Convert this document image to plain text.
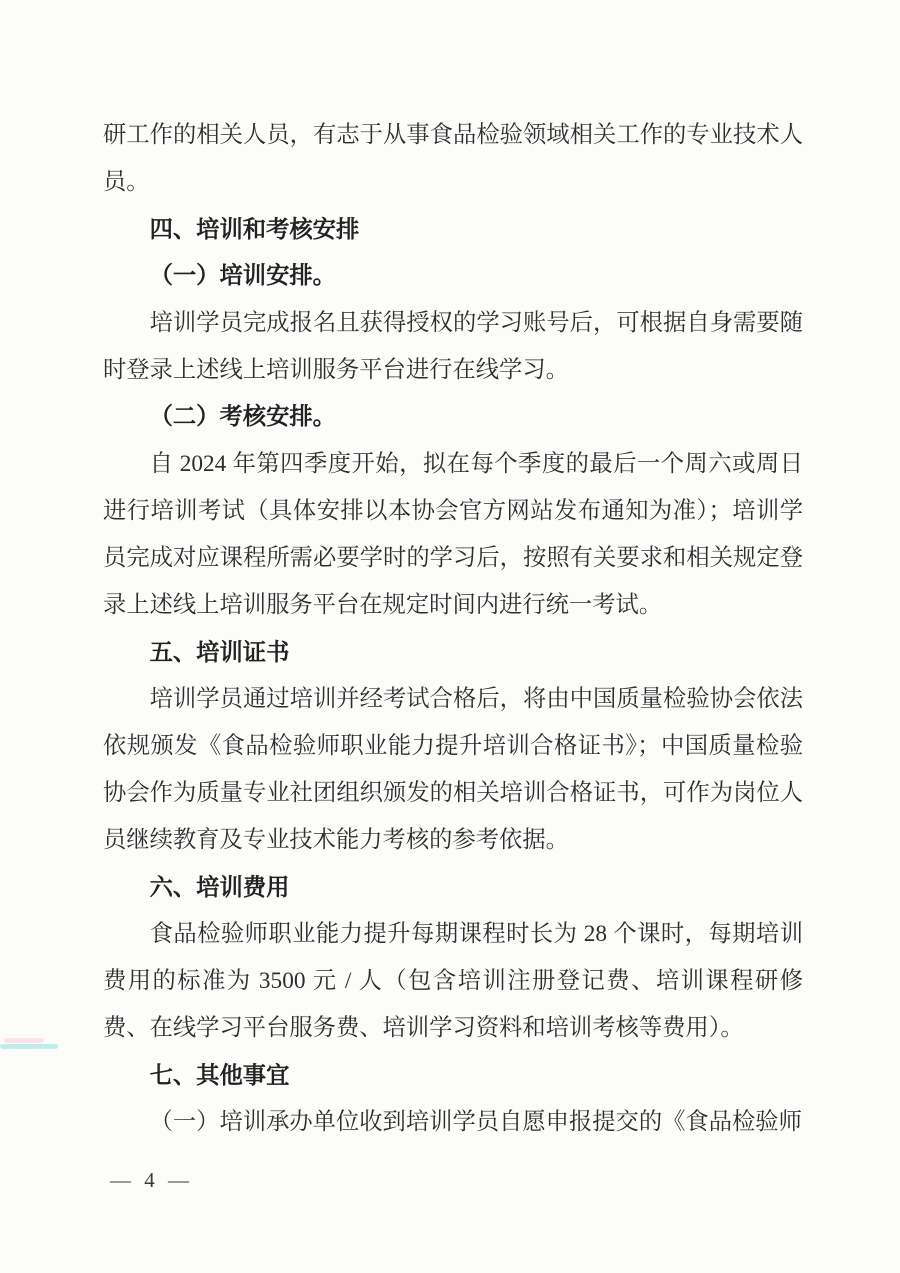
研工作的相关人员，有志于从事食品检验领域相关工作的专业技术人员。
四、培训和考核安排
（一）培训安排。
培训学员完成报名且获得授权的学习账号后，可根据自身需要随时登录上述线上培训服务平台进行在线学习。
（二）考核安排。
自 2024 年第四季度开始，拟在每个季度的最后一个周六或周日进行培训考试（具体安排以本协会官方网站发布通知为准）；培训学员完成对应课程所需必要学时的学习后，按照有关要求和相关规定登录上述线上培训服务平台在规定时间内进行统一考试。
五、培训证书
培训学员通过培训并经考试合格后，将由中国质量检验协会依法依规颁发《食品检验师职业能力提升培训合格证书》；中国质量检验协会作为质量专业社团组织颁发的相关培训合格证书，可作为岗位人员继续教育及专业技术能力考核的参考依据。
六、培训费用
食品检验师职业能力提升每期课程时长为 28 个课时，每期培训费用的标准为 3500 元 / 人（包含培训注册登记费、培训课程研修费、在线学习平台服务费、培训学习资料和培训考核等费用）。
七、其他事宜
（一）培训承办单位收到培训学员自愿申报提交的《食品检验师
— 4 —
